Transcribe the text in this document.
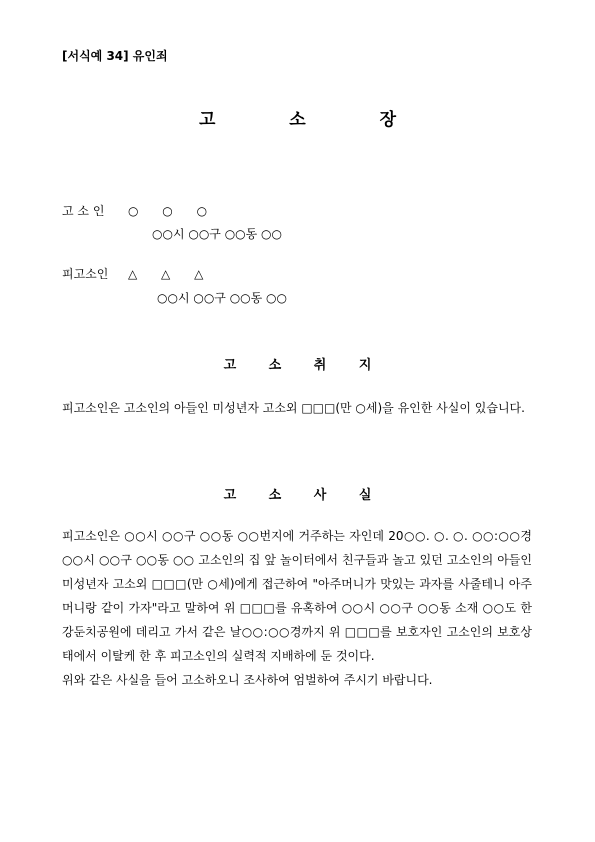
[서식예 34] 유인죄
고 소 장
고 소 인 ○ ○ ○
○○시 ○○구 ○○동 ○○
피고소인 △ △ △
○○시 ○○구 ○○동 ○○
고 소 취 지

피고소인은 고소인의 아들인 미성년자 고소외 □□□(만 ○세)을 유인한 사실이 있습니다.

고 소 사 실

피고소인은 ○○시 ○○구 ○○동 ○○번지에 거주하는 자인데 20○○. ○. ○. ○○:○○경 ○○시 ○○구 ○○동 ○○ 고소인의 집 앞 놀이터에서 친구들과 놀고 있던 고소인의 아들인 미성년자 고소외 □□□(만 ○세)에게 접근하여 "아주머니가 맛있는 과자를 사줄테니 아주머니랑 같이 가자"라고 말하여 위 □□□를 유혹하여 ○○시 ○○구 ○○동 소재 ○○도 한강둔치공원에 데리고 가서 같은 날○○:○○경까지 위 □□□를 보호자인 고소인의 보호상태에서 이탈케 한 후 피고소인의 실력적 지배하에 둔 것이다.

위와 같은 사실을 들어 고소하오니 조사하여 엄벌하여 주시기 바랍니다.
